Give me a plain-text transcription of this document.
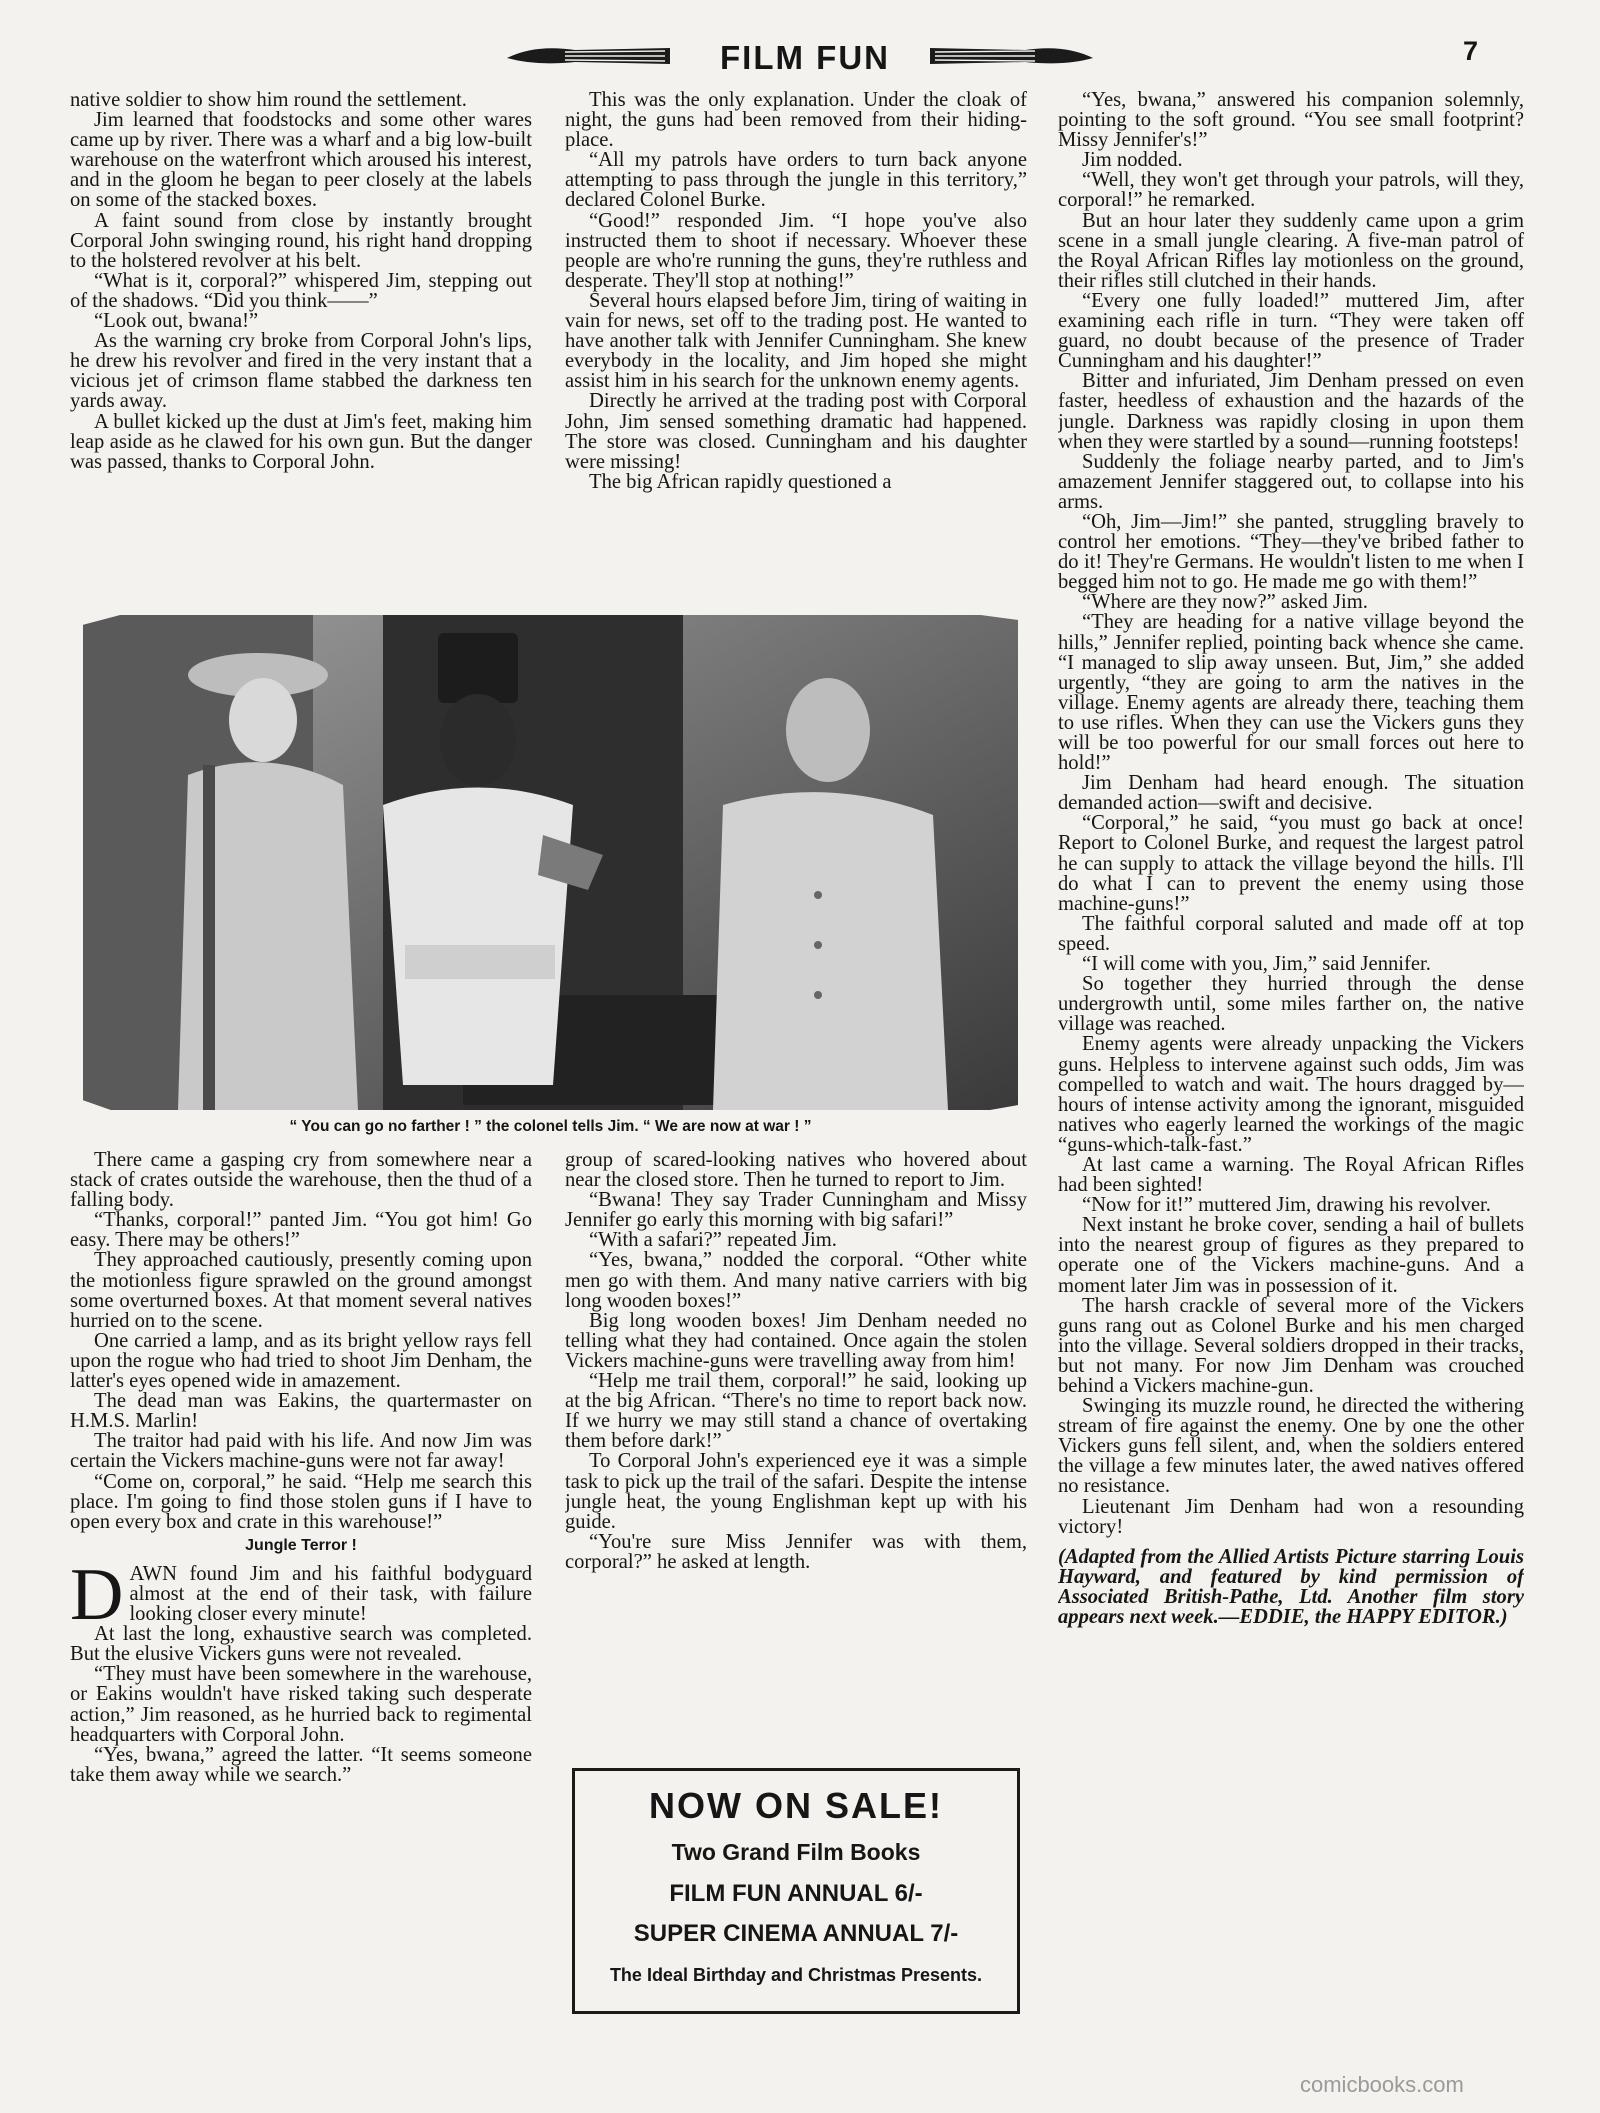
FILM FUN	7

native soldier to show him round the settlement.

Jim learned that foodstocks and some other wares came up by river. There was a wharf and a big low-built warehouse on the waterfront which aroused his interest, and in the gloom he began to peer closely at the labels on some of the stacked boxes.

A faint sound from close by instantly brought Corporal John swinging round, his right hand dropping to the holstered revolver at his belt.

“What is it, corporal?” whispered Jim, stepping out of the shadows. “Did you think——”

“Look out, bwana!”

As the warning cry broke from Corporal John's lips, he drew his revolver and fired in the very instant that a vicious jet of crimson flame stabbed the darkness ten yards away.

A bullet kicked up the dust at Jim's feet, making him leap aside as he clawed for his own gun. But the danger was passed, thanks to Corporal John.

This was the only explanation. Under the cloak of night, the guns had been removed from their hiding-place.

“All my patrols have orders to turn back anyone attempting to pass through the jungle in this territory,” declared Colonel Burke.

“Good!” responded Jim. “I hope you've also instructed them to shoot if necessary. Whoever these people are who're running the guns, they're ruthless and desperate. They'll stop at nothing!”

Several hours elapsed before Jim, tiring of waiting in vain for news, set off to the trading post. He wanted to have another talk with Jennifer Cunningham. She knew everybody in the locality, and Jim hoped she might assist him in his search for the unknown enemy agents.

Directly he arrived at the trading post with Corporal John, Jim sensed something dramatic had happened. The store was closed. Cunningham and his daughter were missing!

The big African rapidly questioned a

“Yes, bwana,” answered his companion solemnly, pointing to the soft ground. “You see small footprint? Missy Jennifer's!”

Jim nodded.

“Well, they won't get through your patrols, will they, corporal!” he remarked.

But an hour later they suddenly came upon a grim scene in a small jungle clearing. A five-man patrol of the Royal African Rifles lay motionless on the ground, their rifles still clutched in their hands.

“Every one fully loaded!” muttered Jim, after examining each rifle in turn. “They were taken off guard, no doubt because of the presence of Trader Cunningham and his daughter!”

Bitter and infuriated, Jim Denham pressed on even faster, heedless of exhaustion and the hazards of the jungle. Darkness was rapidly closing in upon them when they were startled by a sound—running footsteps!

Suddenly the foliage nearby parted, and to Jim's amazement Jennifer staggered out, to collapse into his arms.

“Oh, Jim—Jim!” she panted, struggling bravely to control her emotions. “They—they've bribed father to do it! They're Germans. He wouldn't listen to me when I begged him not to go. He made me go with them!”

“Where are they now?” asked Jim.

“They are heading for a native village beyond the hills,” Jennifer replied, pointing back whence she came. “I managed to slip away unseen. But, Jim,” she added urgently, “they are going to arm the natives in the village. Enemy agents are already there, teaching them to use rifles. When they can use the Vickers guns they will be too powerful for our small forces out here to hold!”

Jim Denham had heard enough. The situation demanded action—swift and decisive.

“Corporal,” he said, “you must go back at once! Report to Colonel Burke, and request the largest patrol he can supply to attack the village beyond the hills. I'll do what I can to prevent the enemy using those machine-guns!”

The faithful corporal saluted and made off at top speed.

“I will come with you, Jim,” said Jennifer.

So together they hurried through the dense undergrowth until, some miles farther on, the native village was reached.

Enemy agents were already unpacking the Vickers guns. Helpless to intervene against such odds, Jim was compelled to watch and wait. The hours dragged by—hours of intense activity among the ignorant, misguided natives who eagerly learned the workings of the magic “guns-which-talk-fast.”

At last came a warning. The Royal African Rifles had been sighted!

“Now for it!” muttered Jim, drawing his revolver.

Next instant he broke cover, sending a hail of bullets into the nearest group of figures as they prepared to operate one of the Vickers machine-guns. And a moment later Jim was in possession of it.

The harsh crackle of several more of the Vickers guns rang out as Colonel Burke and his men charged into the village. Several soldiers dropped in their tracks, but not many. For now Jim Denham was crouched behind a Vickers machine-gun.

Swinging its muzzle round, he directed the withering stream of fire against the enemy. One by one the other Vickers guns fell silent, and, when the soldiers entered the village a few minutes later, the awed natives offered no resistance.

Lieutenant Jim Denham had won a resounding victory!

(Adapted from the Allied Artists Picture starring Louis Hayward, and featured by kind permission of Associated British-Pathe, Ltd. Another film story appears next week.—EDDIE, the HAPPY EDITOR.)

“ You can go no farther ! ” the colonel tells Jim. “ We are now at war ! ”

There came a gasping cry from somewhere near a stack of crates outside the warehouse, then the thud of a falling body.

“Thanks, corporal!” panted Jim. “You got him! Go easy. There may be others!”

They approached cautiously, presently coming upon the motionless figure sprawled on the ground amongst some overturned boxes. At that moment several natives hurried on to the scene.

One carried a lamp, and as its bright yellow rays fell upon the rogue who had tried to shoot Jim Denham, the latter's eyes opened wide in amazement.

The dead man was Eakins, the quartermaster on H.M.S. Marlin!

The traitor had paid with his life. And now Jim was certain the Vickers machine-guns were not far away!

“Come on, corporal,” he said. “Help me search this place. I'm going to find those stolen guns if I have to open every box and crate in this warehouse!”

Jungle Terror !

DAWN found Jim and his faithful bodyguard almost at the end of their task, with failure looking closer every minute!

At last the long, exhaustive search was completed. But the elusive Vickers guns were not revealed.

“They must have been somewhere in the warehouse, or Eakins wouldn't have risked taking such desperate action,” Jim reasoned, as he hurried back to regimental headquarters with Corporal John.

“Yes, bwana,” agreed the latter. “It seems someone take them away while we search.”

group of scared-looking natives who hovered about near the closed store. Then he turned to report to Jim.

“Bwana! They say Trader Cunningham and Missy Jennifer go early this morning with big safari!”

“With a safari?” repeated Jim.

“Yes, bwana,” nodded the corporal. “Other white men go with them. And many native carriers with big long wooden boxes!”

Big long wooden boxes! Jim Denham needed no telling what they had contained. Once again the stolen Vickers machine-guns were travelling away from him!

“Help me trail them, corporal!” he said, looking up at the big African. “There's no time to report back now. If we hurry we may still stand a chance of overtaking them before dark!”

To Corporal John's experienced eye it was a simple task to pick up the trail of the safari. Despite the intense jungle heat, the young Englishman kept up with his guide.

“You're sure Miss Jennifer was with them, corporal?” he asked at length.

NOW ON SALE!
Two Grand Film Books
FILM FUN ANNUAL 6/-
SUPER CINEMA ANNUAL 7/-
The Ideal Birthday and Christmas Presents.
comicbooks.com
